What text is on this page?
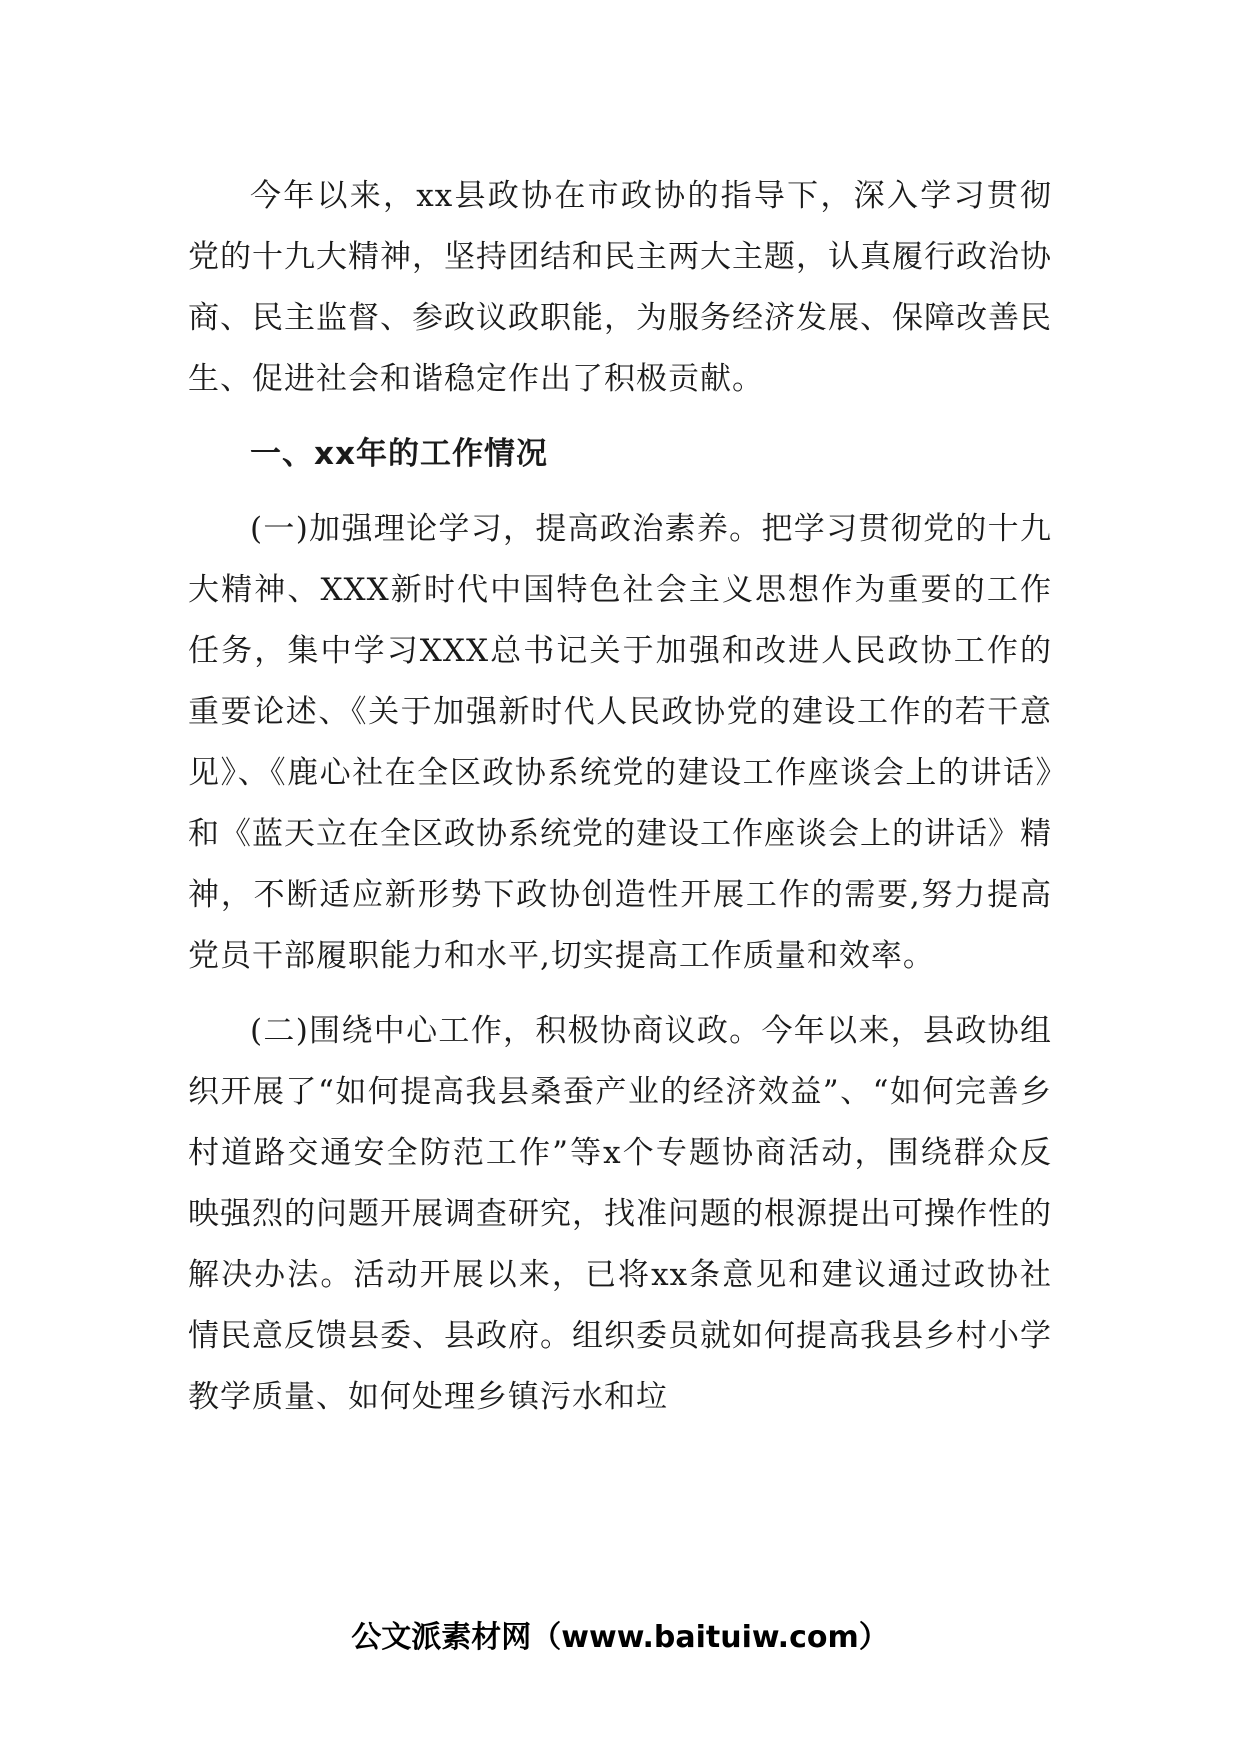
今年以来，xx县政协在市政协的指导下，深入学习贯彻党的十九大精神，坚持团结和民主两大主题，认真履行政治协商、民主监督、参政议政职能，为服务经济发展、保障改善民生、促进社会和谐稳定作出了积极贡献。

一、xx年的工作情况

(一)加强理论学习，提高政治素养。把学习贯彻党的十九大精神、XXX新时代中国特色社会主义思想作为重要的工作任务，集中学习XXX总书记关于加强和改进人民政协工作的重要论述、《关于加强新时代人民政协党的建设工作的若干意见》、《鹿心社在全区政协系统党的建设工作座谈会上的讲话》和《蓝天立在全区政协系统党的建设工作座谈会上的讲话》精神，不断适应新形势下政协创造性开展工作的需要,努力提高党员干部履职能力和水平,切实提高工作质量和效率。

(二)围绕中心工作，积极协商议政。今年以来，县政协组织开展了“如何提高我县桑蚕产业的经济效益”、“如何完善乡村道路交通安全防范工作”等x个专题协商活动，围绕群众反映强烈的问题开展调查研究，找准问题的根源提出可操作性的解决办法。活动开展以来，已将xx条意见和建议通过政协社情民意反馈县委、县政府。组织委员就如何提高我县乡村小学教学质量、如何处理乡镇污水和垃

公文派素材网（www.baituiw.com）
